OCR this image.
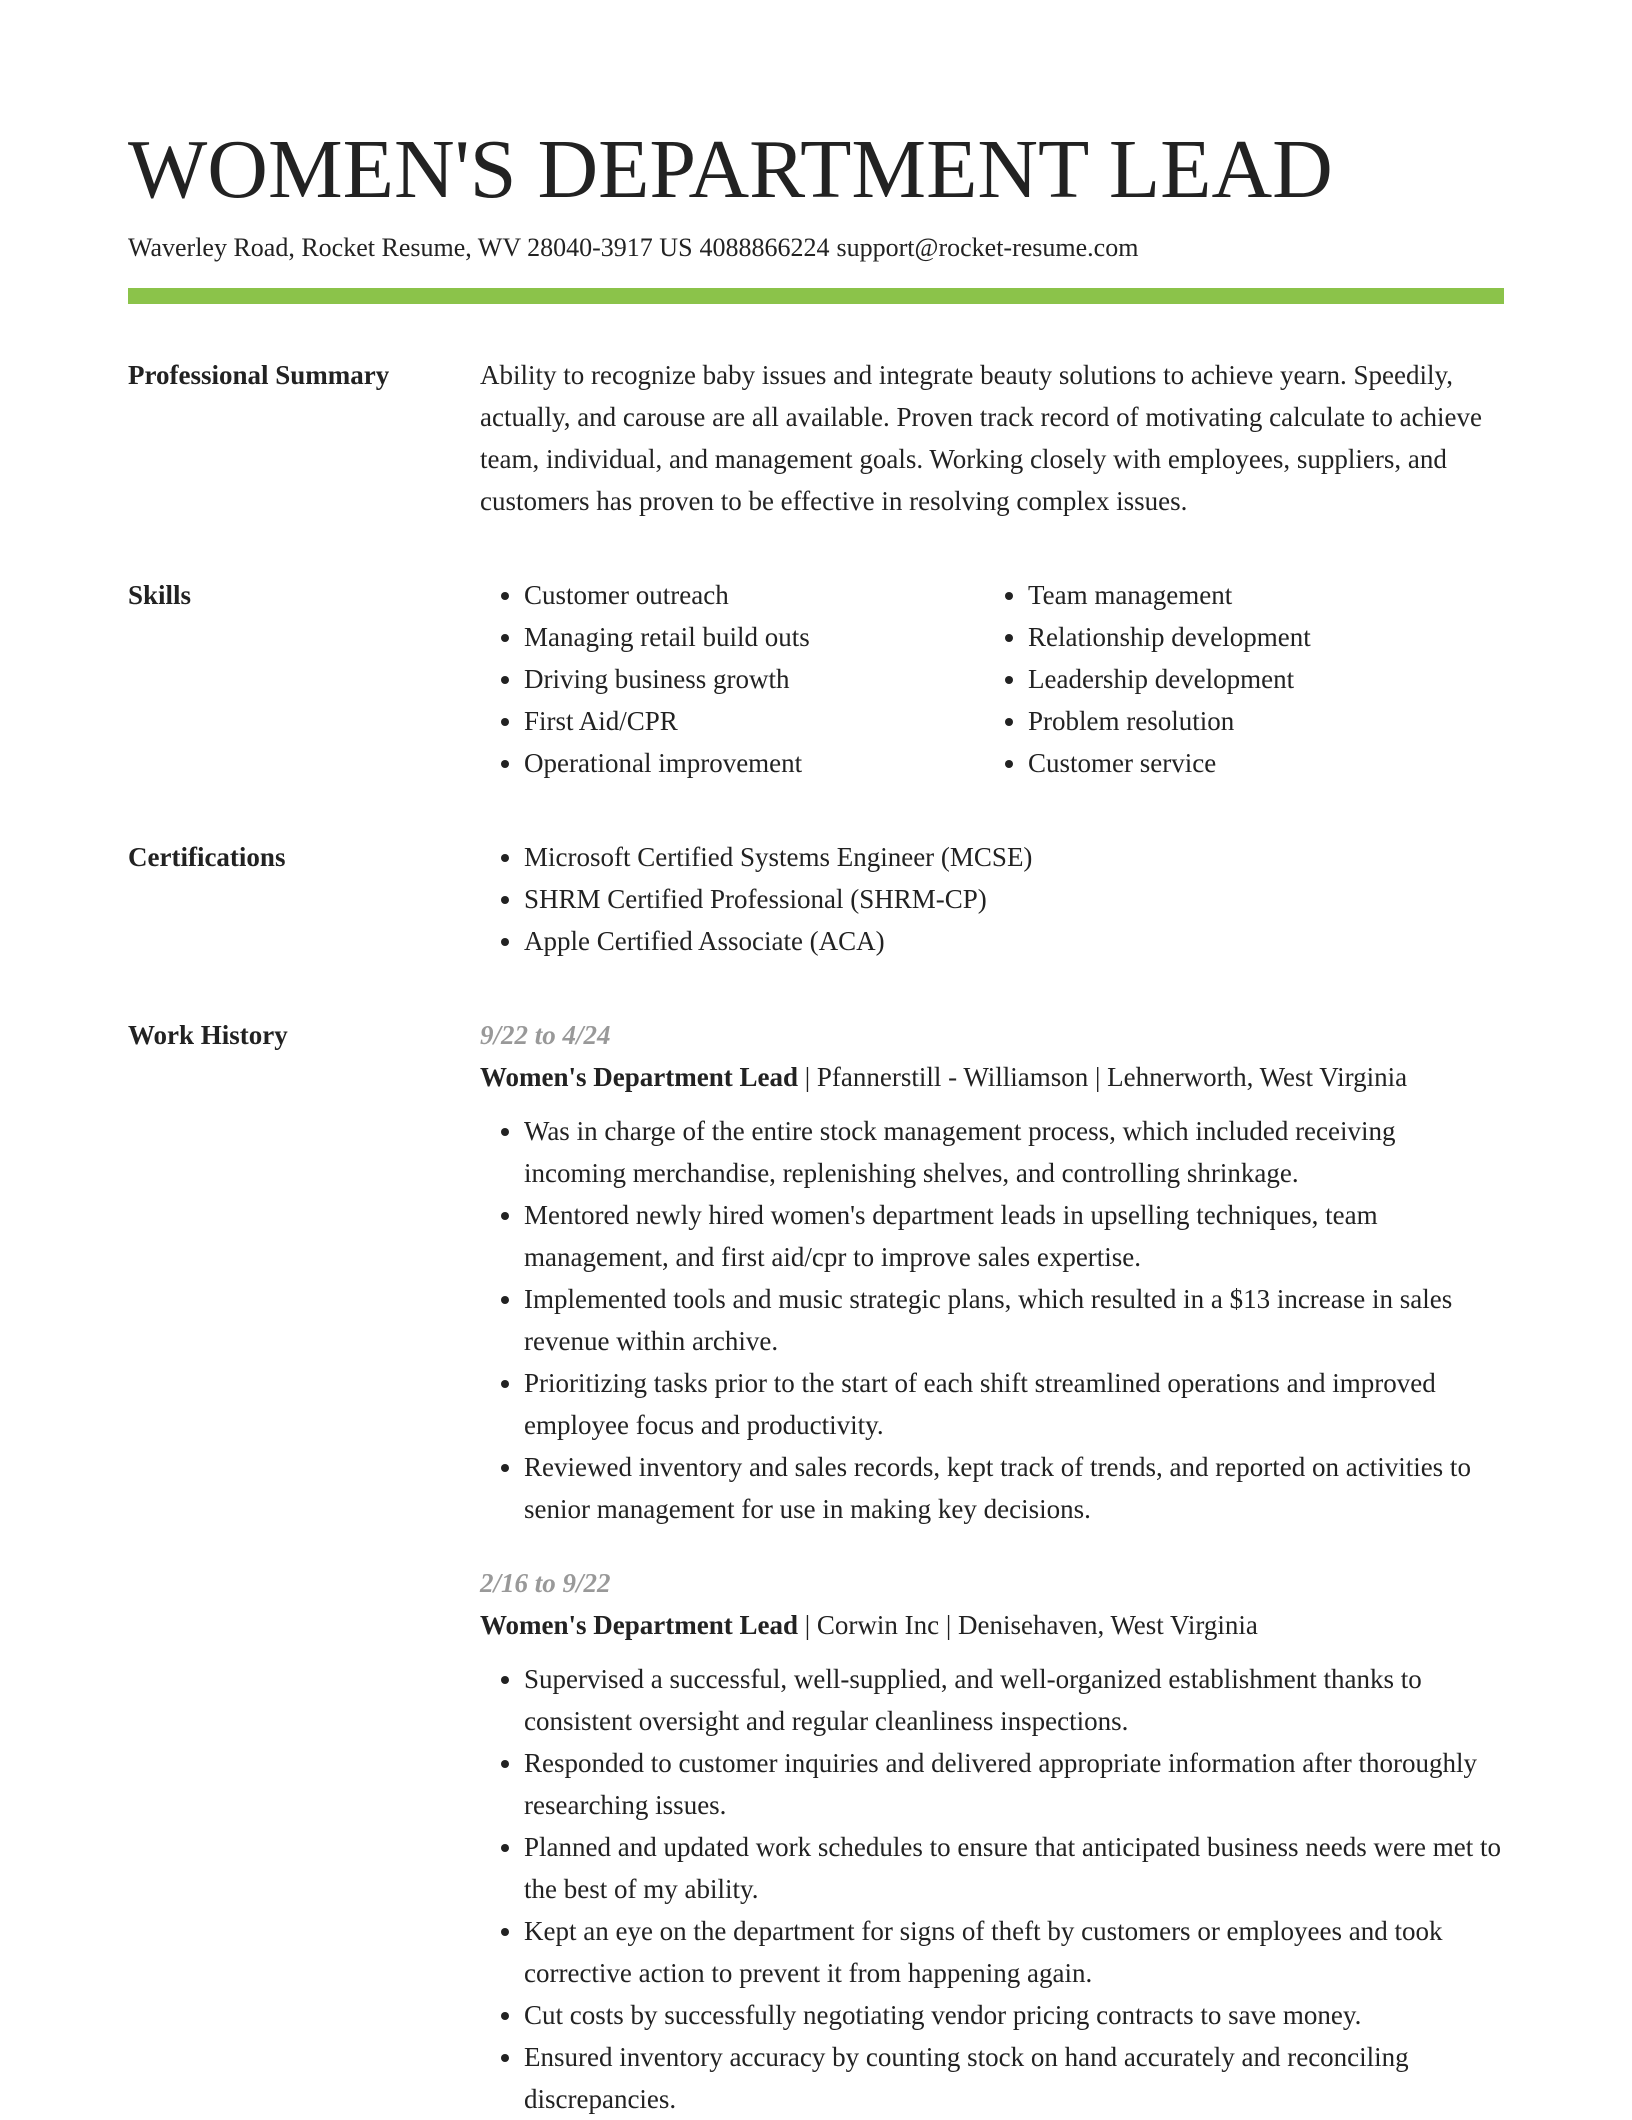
WOMEN'S DEPARTMENT LEAD
Waverley Road, Rocket Resume, WV 28040-3917 US 4088866224 support@rocket-resume.com
Professional Summary	Ability to recognize baby issues and integrate beauty solutions to achieve yearn. Speedily, actually, and carouse are all available. Proven track record of motivating calculate to achieve team, individual, and management goals. Working closely with employees, suppliers, and customers has proven to be effective in resolving complex issues.

Skills	• Customer outreach
• Managing retail build outs
• Driving business growth
• First Aid/CPR
• Operational improvement
• Team management
• Relationship development
• Leadership development
• Problem resolution
• Customer service
Certifications	• Microsoft Certified Systems Engineer (MCSE)
• SHRM Certified Professional (SHRM-CP)
• Apple Certified Associate (ACA)
Work History	9/22 to 4/24
Women's Department Lead | Pfannerstill - Williamson | Lehnerworth, West Virginia
• Was in charge of the entire stock management process, which included receiving incoming merchandise, replenishing shelves, and controlling shrinkage.
• Mentored newly hired women's department leads in upselling techniques, team management, and first aid/cpr to improve sales expertise.
• Implemented tools and music strategic plans, which resulted in a $13 increase in sales revenue within archive.
• Prioritizing tasks prior to the start of each shift streamlined operations and improved employee focus and productivity.
• Reviewed inventory and sales records, kept track of trends, and reported on activities to senior management for use in making key decisions.
2/16 to 9/22
Women's Department Lead | Corwin Inc | Denisehaven, West Virginia
• Supervised a successful, well-supplied, and well-organized establishment thanks to consistent oversight and regular cleanliness inspections.
• Responded to customer inquiries and delivered appropriate information after thoroughly researching issues.
• Planned and updated work schedules to ensure that anticipated business needs were met to the best of my ability.
• Kept an eye on the department for signs of theft by customers or employees and took corrective action to prevent it from happening again.
• Cut costs by successfully negotiating vendor pricing contracts to save money.
• Ensured inventory accuracy by counting stock on hand accurately and reconciling discrepancies.
